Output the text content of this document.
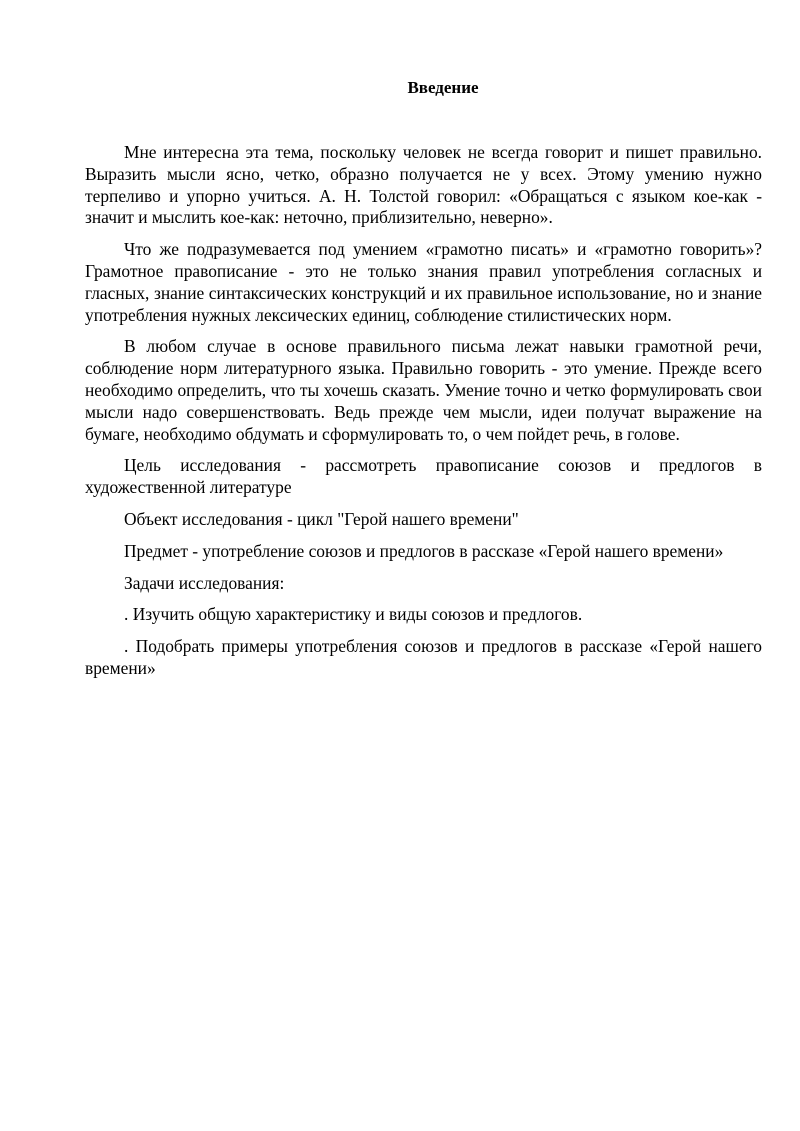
Введение

Мне интересна эта тема, поскольку человек не всегда говорит и пишет правильно. Выразить мысли ясно, четко, образно получается не у всех. Этому умению нужно терпеливо и упорно учиться. А. Н. Толстой говорил: «Обращаться с языком кое-как - значит и мыслить кое-как: неточно, приблизительно, неверно».

Что же подразумевается под умением «грамотно писать» и «грамотно говорить»? Грамотное правописание - это не только знания правил употребления согласных и гласных, знание синтаксических конструкций и их правильное использование, но и знание употребления нужных лексических единиц, соблюдение стилистических норм.

В любом случае в основе правильного письма лежат навыки грамотной речи, соблюдение норм литературного языка. Правильно говорить - это умение. Прежде всего необходимо определить, что ты хочешь сказать. Умение точно и четко формулировать свои мысли надо совершенствовать. Ведь прежде чем мысли, идеи получат выражение на бумаге, необходимо обдумать и сформулировать то, о чем пойдет речь, в голове.

Цель исследования - рассмотреть правописание союзов и предлогов в художественной литературе

Объект исследования - цикл "Герой нашего времени"

Предмет - употребление союзов и предлогов в рассказе «Герой нашего времени»

Задачи исследования:

. Изучить общую характеристику и виды союзов и предлогов.

. Подобрать примеры употребления союзов и предлогов в рассказе «Герой нашего времени»
